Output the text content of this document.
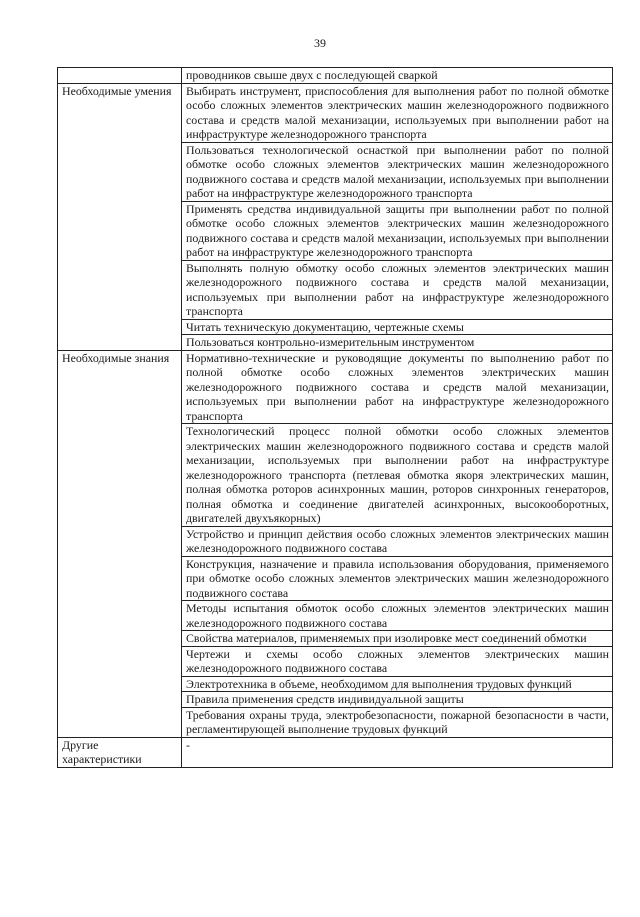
39
	проводников свыше двух с последующей сваркой
Необходимые умения	Выбирать инструмент, приспособления для выполнения работ по полной обмотке особо сложных элементов электрических машин железнодорожного подвижного состава и средств малой механизации, используемых при выполнении работ на инфраструктуре железнодорожного транспорта
	Пользоваться технологической оснасткой при выполнении работ по полной обмотке особо сложных элементов электрических машин железнодорожного подвижного состава и средств малой механизации, используемых при выполнении работ на инфраструктуре железнодорожного транспорта
	Применять средства индивидуальной защиты при выполнении работ по полной обмотке особо сложных элементов электрических машин железнодорожного подвижного состава и средств малой механизации, используемых при выполнении работ на инфраструктуре железнодорожного транспорта
	Выполнять полную обмотку особо сложных элементов электрических машин железнодорожного подвижного состава и средств малой механизации, используемых при выполнении работ на инфраструктуре железнодорожного транспорта
	Читать техническую документацию, чертежные схемы
	Пользоваться контрольно-измерительным инструментом
Необходимые знания	Нормативно-технические и руководящие документы по выполнению работ по полной обмотке особо сложных элементов электрических машин железнодорожного подвижного состава и средств малой механизации, используемых при выполнении работ на инфраструктуре железнодорожного транспорта
	Технологический процесс полной обмотки особо сложных элементов электрических машин железнодорожного подвижного состава и средств малой механизации, используемых при выполнении работ на инфраструктуре железнодорожного транспорта (петлевая обмотка якоря электрических машин, полная обмотка роторов асинхронных машин, роторов синхронных генераторов, полная обмотка и соединение двигателей асинхронных, высокооборотных, двигателей двухъякорных)
	Устройство и принцип действия особо сложных элементов электрических машин железнодорожного подвижного состава
	Конструкция, назначение и правила использования оборудования, применяемого при обмотке особо сложных элементов электрических машин железнодорожного подвижного состава
	Методы испытания обмоток особо сложных элементов электрических машин железнодорожного подвижного состава
	Свойства материалов, применяемых при изолировке мест соединений обмотки
	Чертежи и схемы особо сложных элементов электрических машин железнодорожного подвижного состава
	Электротехника в объеме, необходимом для выполнения трудовых функций
	Правила применения средств индивидуальной защиты
	Требования охраны труда, электробезопасности, пожарной безопасности в части, регламентирующей выполнение трудовых функций
Другие характеристики	-
